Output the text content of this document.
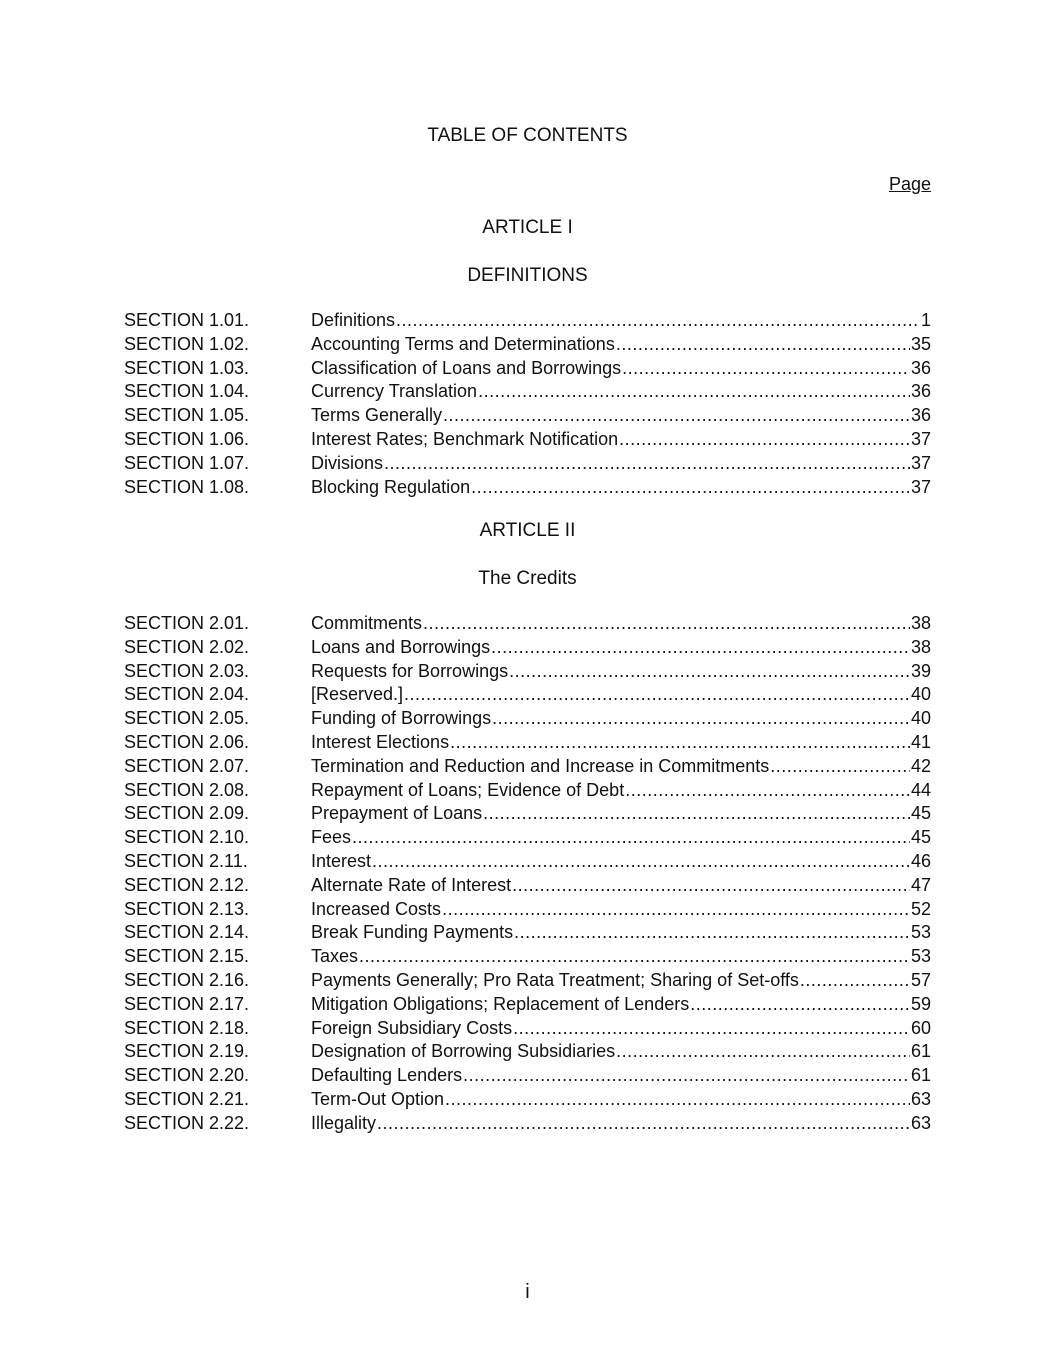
TABLE OF CONTENTS
Page
ARTICLE I
DEFINITIONS
SECTION 1.01.	Definitions .....	1
SECTION 1.02.	Accounting Terms and Determinations .....	35
SECTION 1.03.	Classification of Loans and Borrowings .....	36
SECTION 1.04.	Currency Translation .....	36
SECTION 1.05.	Terms Generally .....	36
SECTION 1.06.	Interest Rates; Benchmark Notification .....	37
SECTION 1.07.	Divisions .....	37
SECTION 1.08.	Blocking Regulation .....	37
ARTICLE II
The Credits
SECTION 2.01.	Commitments .....	38
SECTION 2.02.	Loans and Borrowings .....	38
SECTION 2.03.	Requests for Borrowings .....	39
SECTION 2.04.	[Reserved.] .....	40
SECTION 2.05.	Funding of Borrowings .....	40
SECTION 2.06.	Interest Elections .....	41
SECTION 2.07.	Termination and Reduction and Increase in Commitments .....	42
SECTION 2.08.	Repayment of Loans; Evidence of Debt .....	44
SECTION 2.09.	Prepayment of Loans .....	45
SECTION 2.10.	Fees .....	45
SECTION 2.11.	Interest .....	46
SECTION 2.12.	Alternate Rate of Interest .....	47
SECTION 2.13.	Increased Costs .....	52
SECTION 2.14.	Break Funding Payments .....	53
SECTION 2.15.	Taxes .....	53
SECTION 2.16.	Payments Generally; Pro Rata Treatment; Sharing of Set-offs .....	57
SECTION 2.17.	Mitigation Obligations; Replacement of Lenders .....	59
SECTION 2.18.	Foreign Subsidiary Costs .....	60
SECTION 2.19.	Designation of Borrowing Subsidiaries .....	61
SECTION 2.20.	Defaulting Lenders .....	61
SECTION 2.21.	Term-Out Option .....	63
SECTION 2.22.	Illegality .....	63
i
